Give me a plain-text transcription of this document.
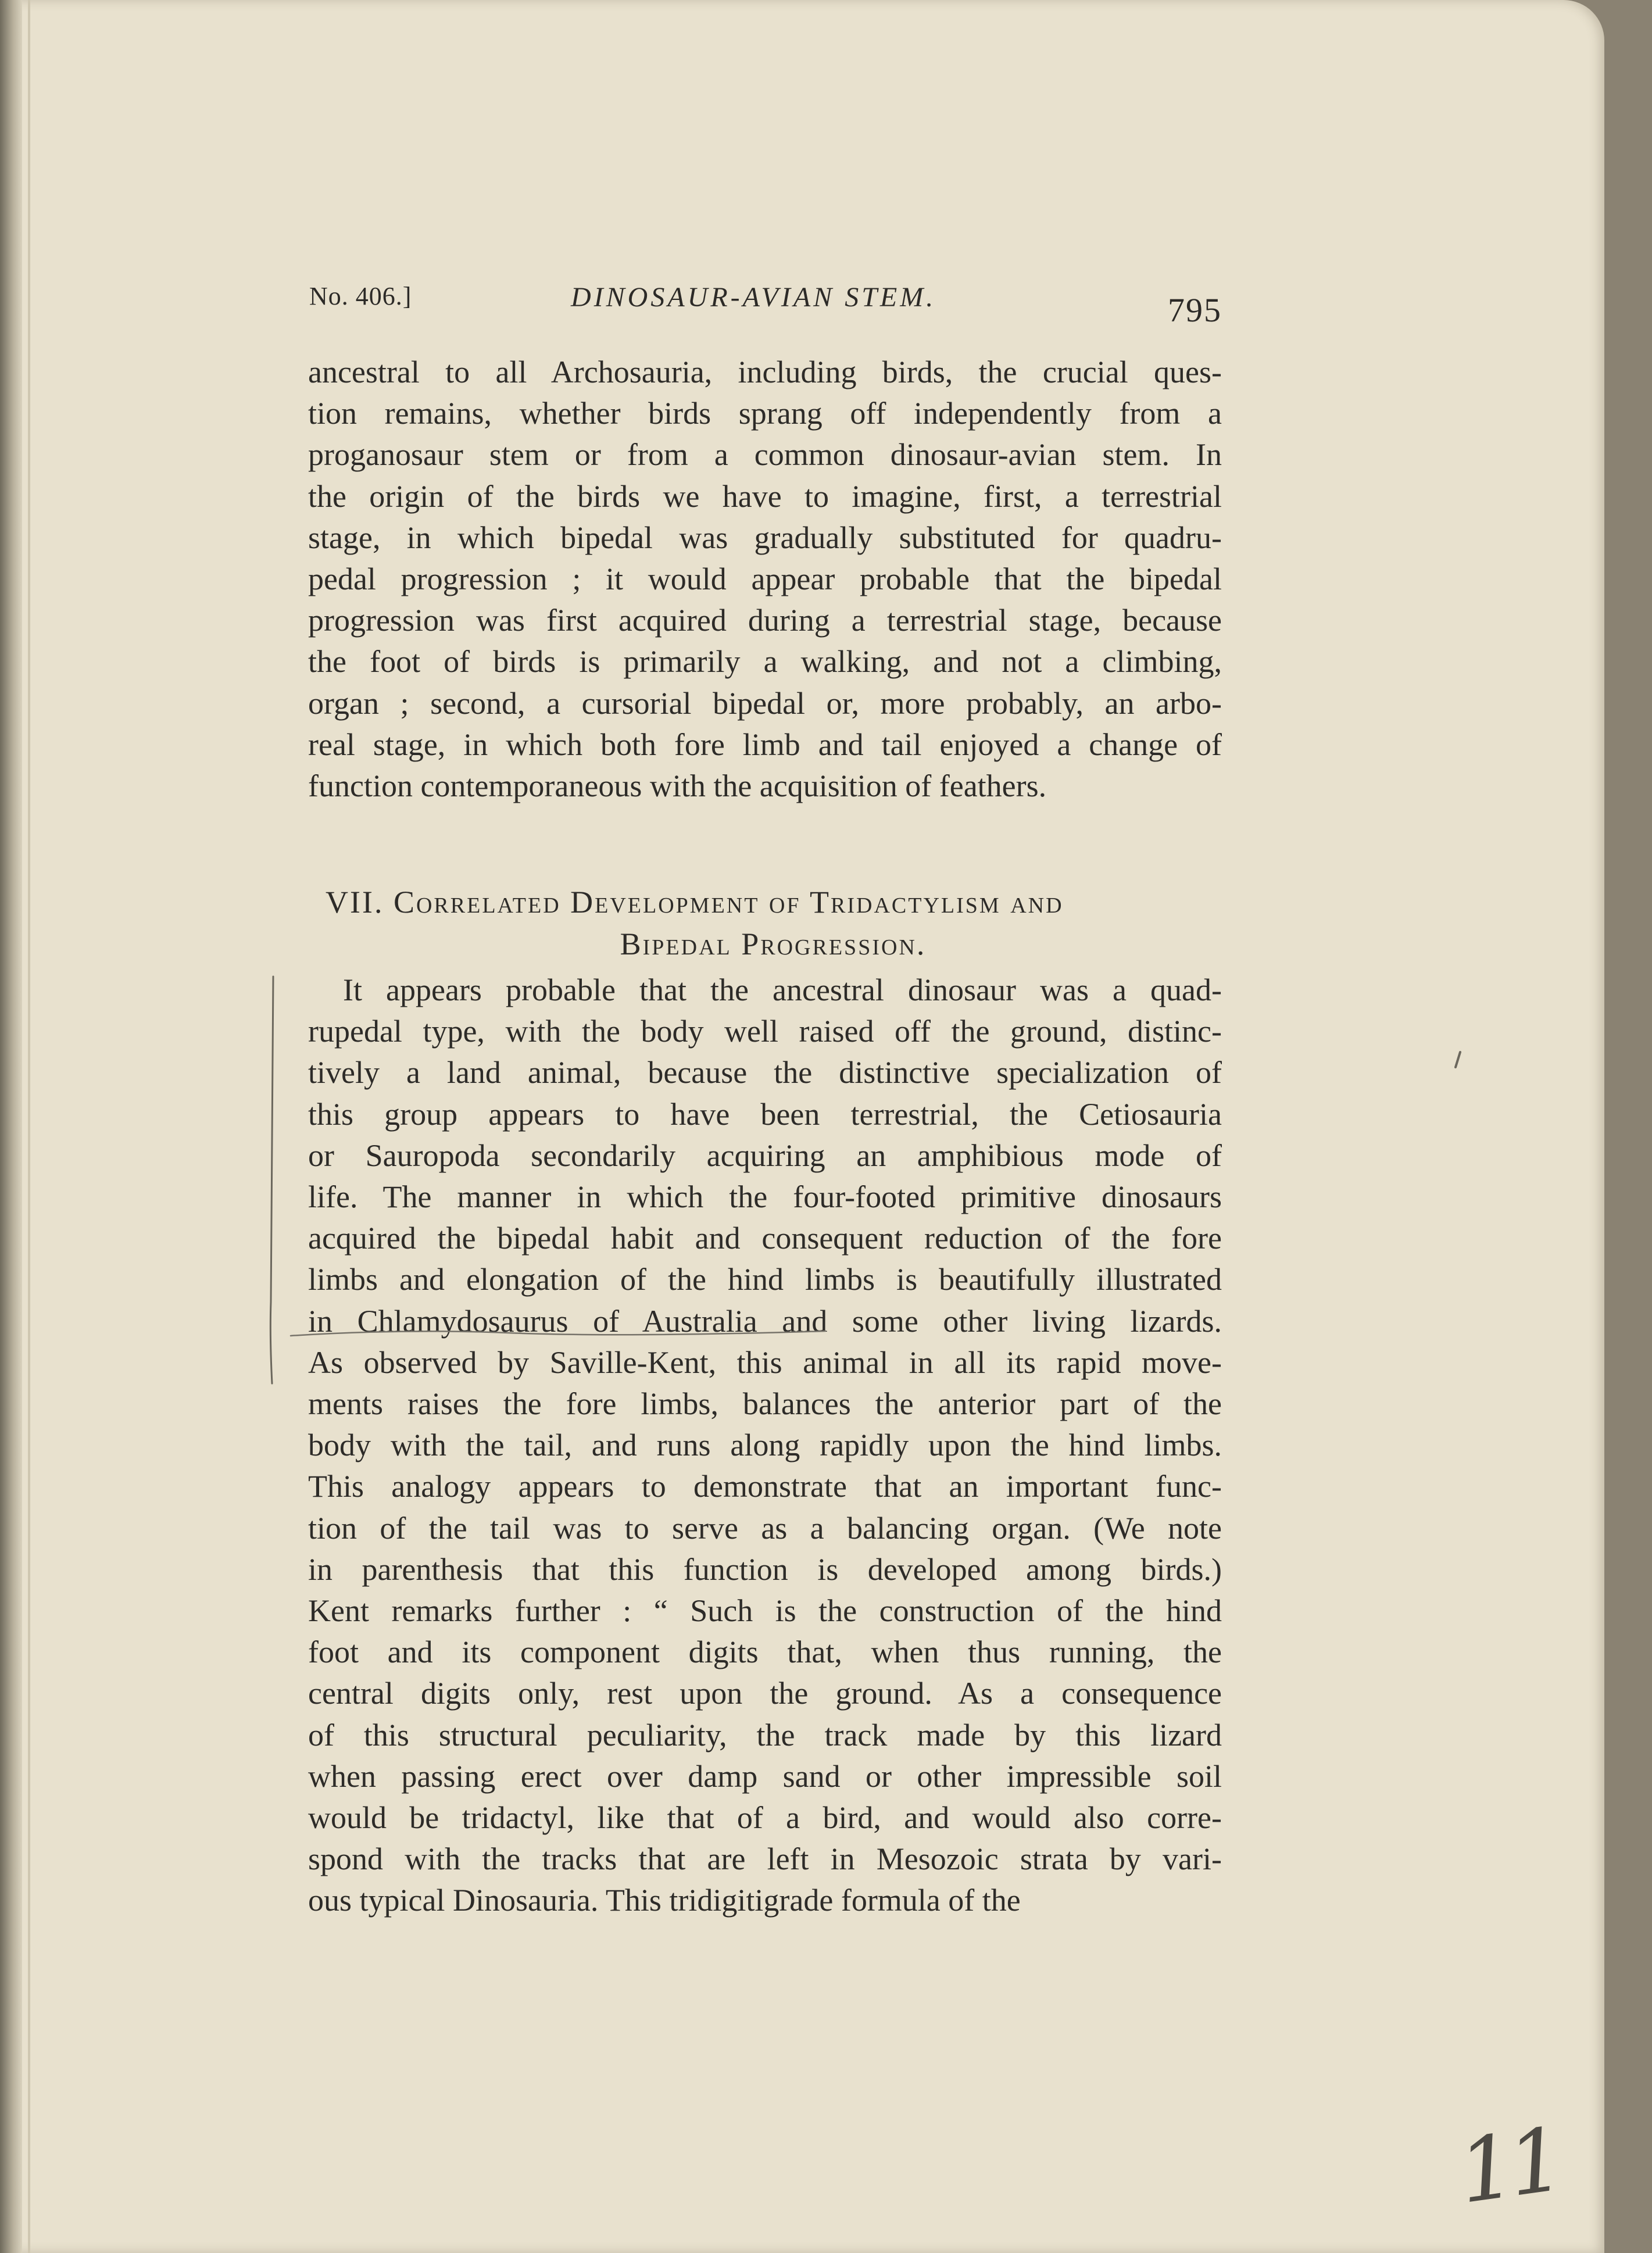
No. 406.]	DINOSAUR-AVIAN STEM.	795
ancestral to all Archosauria, including birds, the crucial ques-
tion remains, whether birds sprang off independently from a
proganosaur stem or from a common dinosaur-avian stem. In
the origin of the birds we have to imagine, first, a terrestrial
stage, in which bipedal was gradually substituted for quadru-
pedal progression ; it would appear probable that the bipedal
progression was first acquired during a terrestrial stage, because
the foot of birds is primarily a walking, and not a climbing,
organ ; second, a cursorial bipedal or, more probably, an arbo-
real stage, in which both fore limb and tail enjoyed a change of
function contemporaneous with the acquisition of feathers.
VII. Correlated Development of Tridactylism and
Bipedal Progression.
It appears probable that the ancestral dinosaur was a quad-
rupedal type, with the body well raised off the ground, distinc-
tively a land animal, because the distinctive specialization of
this group appears to have been terrestrial, the Cetiosauria
or Sauropoda secondarily acquiring an amphibious mode of
life. The manner in which the four-footed primitive dinosaurs
acquired the bipedal habit and consequent reduction of the fore
limbs and elongation of the hind limbs is beautifully illustrated
in Chlamydosaurus of Australia and some other living lizards.
As observed by Saville-Kent, this animal in all its rapid move-
ments raises the fore limbs, balances the anterior part of the
body with the tail, and runs along rapidly upon the hind limbs.
This analogy appears to demonstrate that an important func-
tion of the tail was to serve as a balancing organ. (We note
in parenthesis that this function is developed among birds.)
Kent remarks further : “ Such is the construction of the hind
foot and its component digits that, when thus running, the
central digits only, rest upon the ground. As a consequence
of this structural peculiarity, the track made by this lizard
when passing erect over damp sand or other impressible soil
would be tridactyl, like that of a bird, and would also corre-
spond with the tracks that are left in Mesozoic strata by vari-
ous typical Dinosauria. This tridigitigrade formula of the
11
